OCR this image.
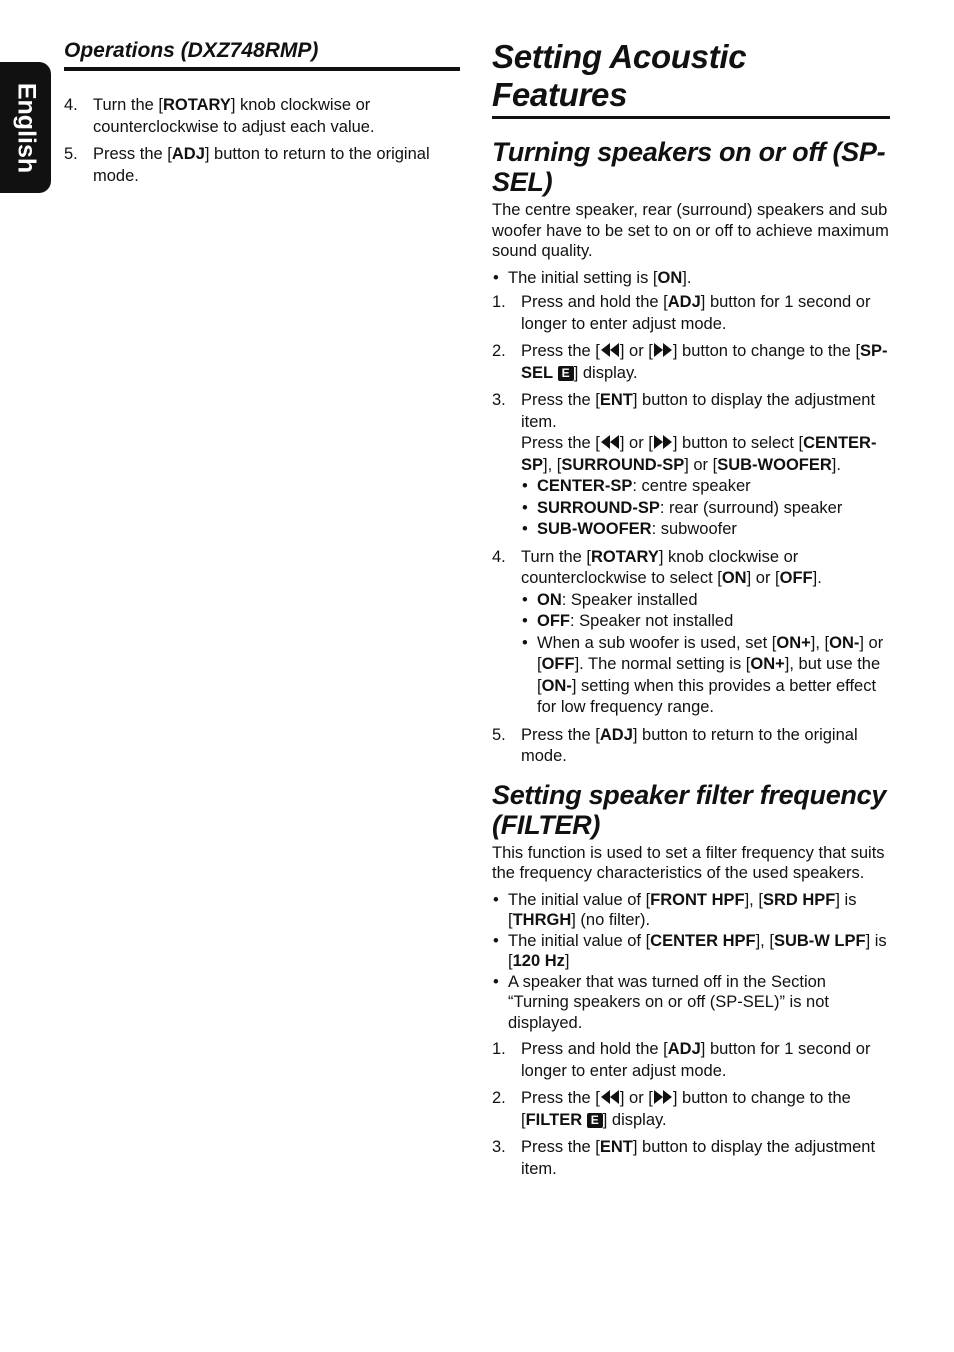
English
Operations (DXZ748RMP)
4. Turn the [ROTARY] knob clockwise or counterclockwise to adjust each value.
5. Press the [ADJ] button to return to the original mode.
Setting Acoustic Features
Turning speakers on or off (SP-SEL)
The centre speaker, rear (surround) speakers and sub woofer have to be set to on or off to achieve maximum sound quality.
• The initial setting is [ON].
1. Press and hold the [ADJ] button for 1 second or longer to enter adjust mode.
2. Press the [ ] or [ ] button to change to the [SP-SEL E ] display.
3. Press the [ENT] button to display the adjustment item.
Press the [ ] or [ ] button to select [CENTER-SP], [SURROUND-SP] or [SUB-WOOFER].
• CENTER-SP: centre speaker
• SURROUND-SP: rear (surround) speaker
• SUB-WOOFER: subwoofer
4. Turn the [ROTARY] knob clockwise or counterclockwise to select [ON] or [OFF].
• ON: Speaker installed
• OFF: Speaker not installed
• When a sub woofer is used, set [ON+], [ON-] or [OFF]. The normal setting is [ON+], but use the [ON-] setting when this provides a better effect for low frequency range.
5. Press the [ADJ] button to return to the original mode.
Setting speaker filter frequency (FILTER)
This function is used to set a filter frequency that suits the frequency characteristics of the used speakers.
• The initial value of [FRONT HPF], [SRD HPF] is [THRGH] (no filter).
• The initial value of [CENTER HPF], [SUB-W LPF] is [120 Hz]
• A speaker that was turned off in the Section “Turning speakers on or off (SP-SEL)” is not displayed.
1. Press and hold the [ADJ] button for 1 second or longer to enter adjust mode.
2. Press the [ ] or [ ] button to change to the [FILTER E ] display.
3. Press the [ENT] button to display the adjustment item.
